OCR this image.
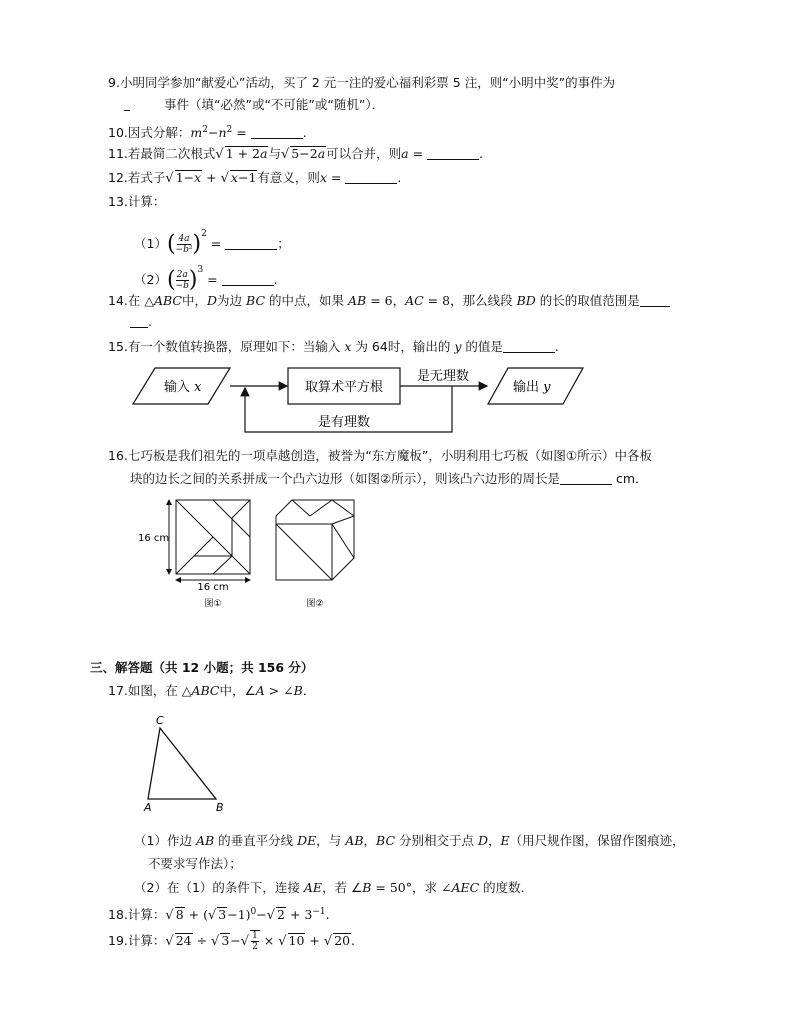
9.小明同学参加“献爱心”活动，买了 2 元一注的爱心福利彩票 5 注，则“小明中奖”的事件为
事件（填“必然”或“不可能”或“随机”）．
10.因式分解：$m^2-n^2$ =	.
11.若最简二次根式√ 1 + 2a与√ 5−2a可以合并，则a =	.
12.若式子√ 1−x + √ x−1有意义，则x =	.
13.计算：
$(1)( \frac{4a}{\text{−b²}} )^2$ =	；
$(2)( \frac{2a}{-b} )^3$ =	.
14.在 △ABC中，D为边 BC 的中点，如果 AB = 6，AC = 8，那么线段 BD 的长的取值范围是
.
15.有一个数值转换器，原理如下：当输入 x 为 64时，输出的 y 的值是	.
输入 x	取算术平方根
是无理数
输出 y
是有理数
16.七巧板是我们祖先的一项卓越创造，被誉为“东方魔板”，小明利用七巧板（如图①所示）中各板
块的边长之间的关系拼成一个凸六边形（如图②所示），则该凸六边形的周长是	cm．
16 cm
16 cm
图①	图②
三、解答题（共 12 小题；共 156 分）
17.如图，在 △ABC中，∠A > ∠B．
C
A	B
（1）作边 AB 的垂直平分线 DE，与 AB，BC 分别相交于点 D，E（用尺规作图，保留作图痕迹，
不要求写作法）；
（2）在（1）的条件下，连接 AE，若 ∠B = 50°，求 ∠AEC 的度数．
18.计算：√ 8 + (√ 3−1)$^0$−√ $2 + 3^{-1}$.
19.计算：√ 24 ÷ √ $3-√ \frac{1}{2}$ × √ 10 + √ 20.
